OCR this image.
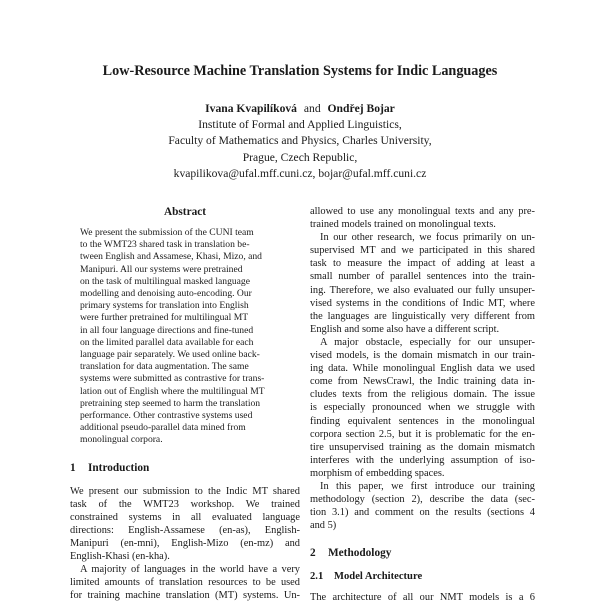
Low-Resource Machine Translation Systems for Indic Languages
Ivana Kvapilíková and Ondřej Bojar
Institute of Formal and Applied Linguistics,
Faculty of Mathematics and Physics, Charles University,
Prague, Czech Republic,
kvapilikova@ufal.mff.cuni.cz, bojar@ufal.mff.cuni.cz
Abstract
We present the submission of the CUNI team
to the WMT23 shared task in translation be-
tween English and Assamese, Khasi, Mizo, and
Manipuri. All our systems were pretrained
on the task of multilingual masked language
modelling and denoising auto-encoding. Our
primary systems for translation into English
were further pretrained for multilingual MT
in all four language directions and fine-tuned
on the limited parallel data available for each
language pair separately. We used online back-
translation for data augmentation. The same
systems were submitted as contrastive for trans-
lation out of English where the multilingual MT
pretraining step seemed to harm the translation
performance. Other contrastive systems used
additional pseudo-parallel data mined from
monolingual corpora.
1 Introduction
We present our submission to the Indic MT shared
task of the WMT23 workshop. We trained
constrained systems in all evaluated language
directions: English-Assamese (en-as), English-
Manipuri (en-mni), English-Mizo (en-mz) and
English-Khasi (en-kha).
A majority of languages in the world have a very
limited amounts of translation resources to be used
for training machine translation (MT) systems. Un-
allowed to use any monolingual texts and any pre-
trained models trained on monolingual texts.
In our other research, we focus primarily on un-
supervised MT and we participated in this shared
task to measure the impact of adding at least a
small number of parallel sentences into the train-
ing. Therefore, we also evaluated our fully unsuper-
vised systems in the conditions of Indic MT, where
the languages are linguistically very different from
English and some also have a different script.
A major obstacle, especially for our unsuper-
vised models, is the domain mismatch in our train-
ing data. While monolingual English data we used
come from NewsCrawl, the Indic training data in-
cludes texts from the religious domain. The issue
is especially pronounced when we struggle with
finding equivalent sentences in the monolingual
corpora section 2.5, but it is problematic for the en-
tire unsupervised training as the domain mismatch
interferes with the underlying assumption of iso-
morphism of embedding spaces.
In this paper, we first introduce our training
methodology (section 2), describe the data (sec-
tion 3.1) and comment on the results (sections 4
and 5)
2 Methodology
2.1 Model Architecture
The architecture of all our NMT models is a 6
